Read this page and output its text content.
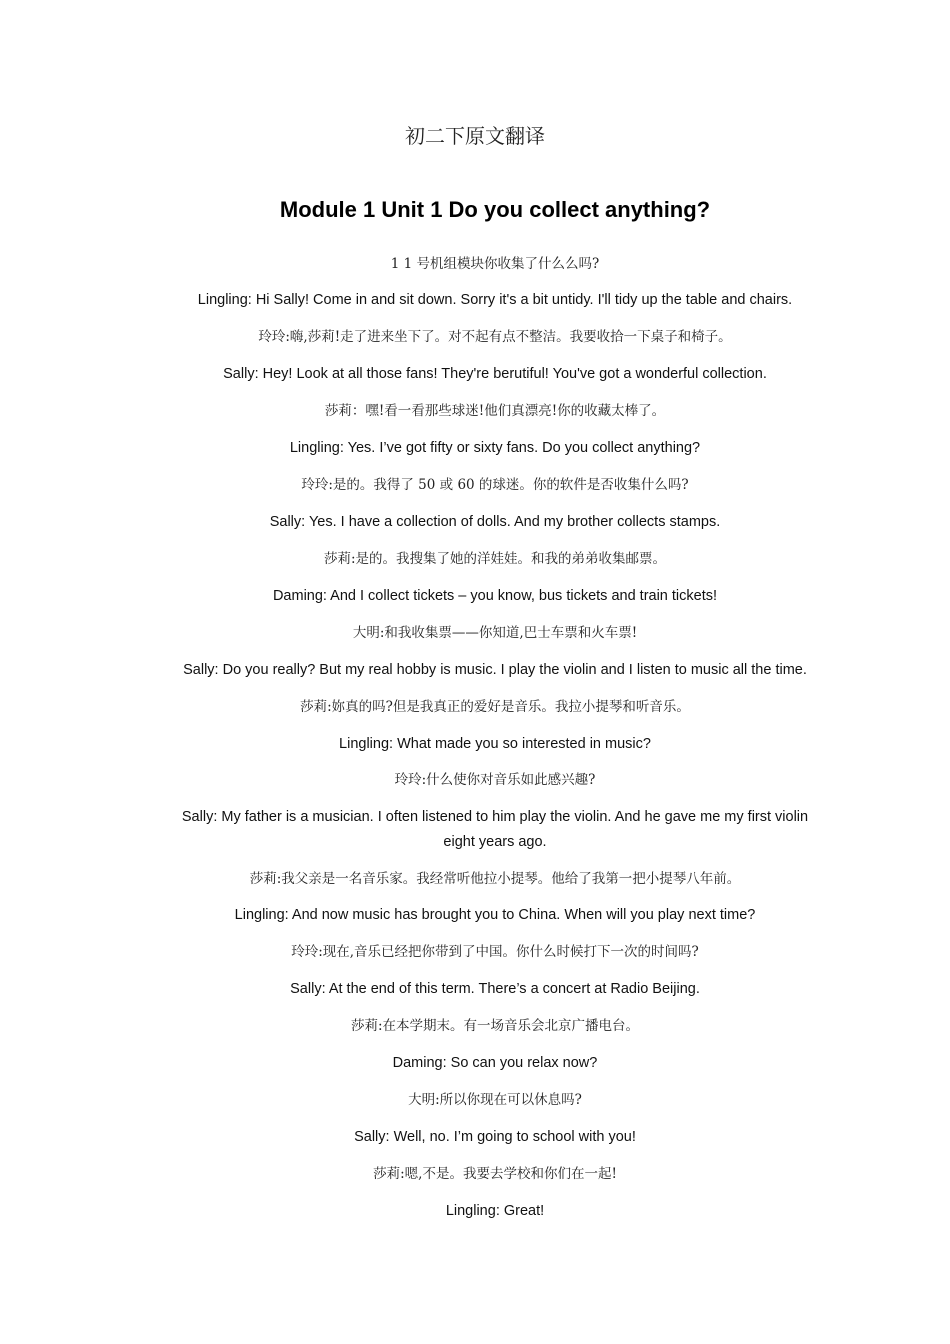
初二下原文翻译
Module 1 Unit 1 Do you collect anything?

1 1 号机组模块你收集了什么么吗?

Lingling: Hi Sally! Come in and sit down. Sorry it's a bit untidy. I'll tidy up the table and chairs.

玲玲:嗨,莎莉!走了进来坐下了。对不起有点不整洁。我要收拾一下桌子和椅子。

Sally: Hey! Look at all those fans! They're berutiful! You've got a wonderful collection.

莎莉：嘿!看一看那些球迷!他们真漂亮!你的收藏太棒了。

Lingling: Yes. I’ve got fifty or sixty fans. Do you collect anything?

玲玲:是的。我得了 50 或 60 的球迷。你的软件是否收集什么吗?

Sally: Yes. I have a collection of dolls. And my brother collects stamps.

莎莉:是的。我搜集了她的洋娃娃。和我的弟弟收集邮票。

Daming: And I collect tickets – you know, bus tickets and train tickets!

大明:和我收集票——你知道,巴士车票和火车票!

Sally: Do you really? But my real hobby is music. I play the violin and I listen to music all the time.

莎莉:妳真的吗?但是我真正的爱好是音乐。我拉小提琴和听音乐。

Lingling: What made you so interested in music?

玲玲:什么使你对音乐如此感兴趣?

Sally: My father is a musician. I often listened to him play the violin. And he gave me my first violin eight years ago.

莎莉:我父亲是一名音乐家。我经常听他拉小提琴。他给了我第一把小提琴八年前。

Lingling: And now music has brought you to China. When will you play next time?

玲玲:现在,音乐已经把你带到了中国。你什么时候打下一次的时间吗?

Sally: At the end of this term. There’s a concert at Radio Beijing.

莎莉:在本学期末。有一场音乐会北京广播电台。

Daming: So can you relax now?

大明:所以你现在可以休息吗?

Sally: Well, no. I’m going to school with you!

莎莉:嗯,不是。我要去学校和你们在一起!

Lingling: Great!
